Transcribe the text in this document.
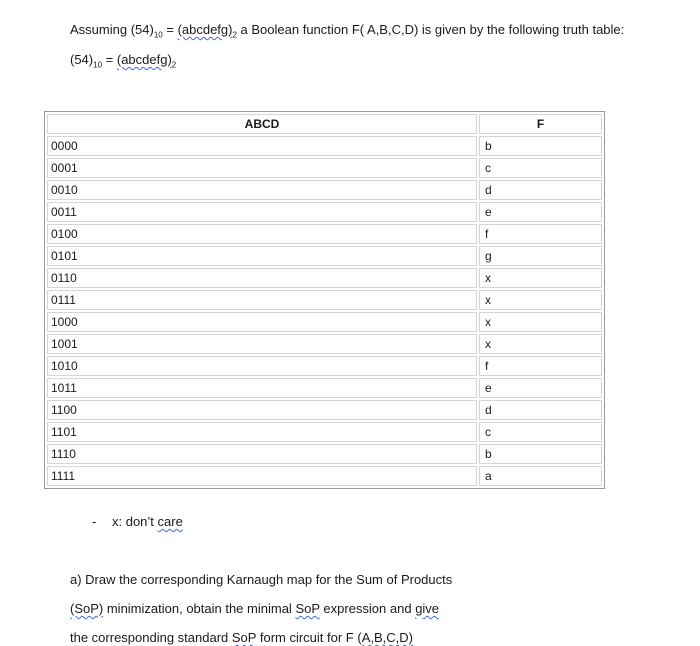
Assuming $(54)_{10}$ = $(abcdefg)_2$ a Boolean function F( A,B,C,D) is given by the following truth table:
$(54)_{10}$ = $(abcdefg)_2$
ABCD	F
0000	b
0001	c
0010	d
0011	e
0100	f
0101	g
0110	x
0111	x
1000	x
1001	x
1010	f
1011	e
1100	d
1101	c
1110	b
1111	a
- x: don’t care
a) Draw the corresponding Karnaugh map for the Sum of Products
(SoP) minimization, obtain the minimal SoP expression and give
the corresponding standard SoP form circuit for F (A,B,C,D)
